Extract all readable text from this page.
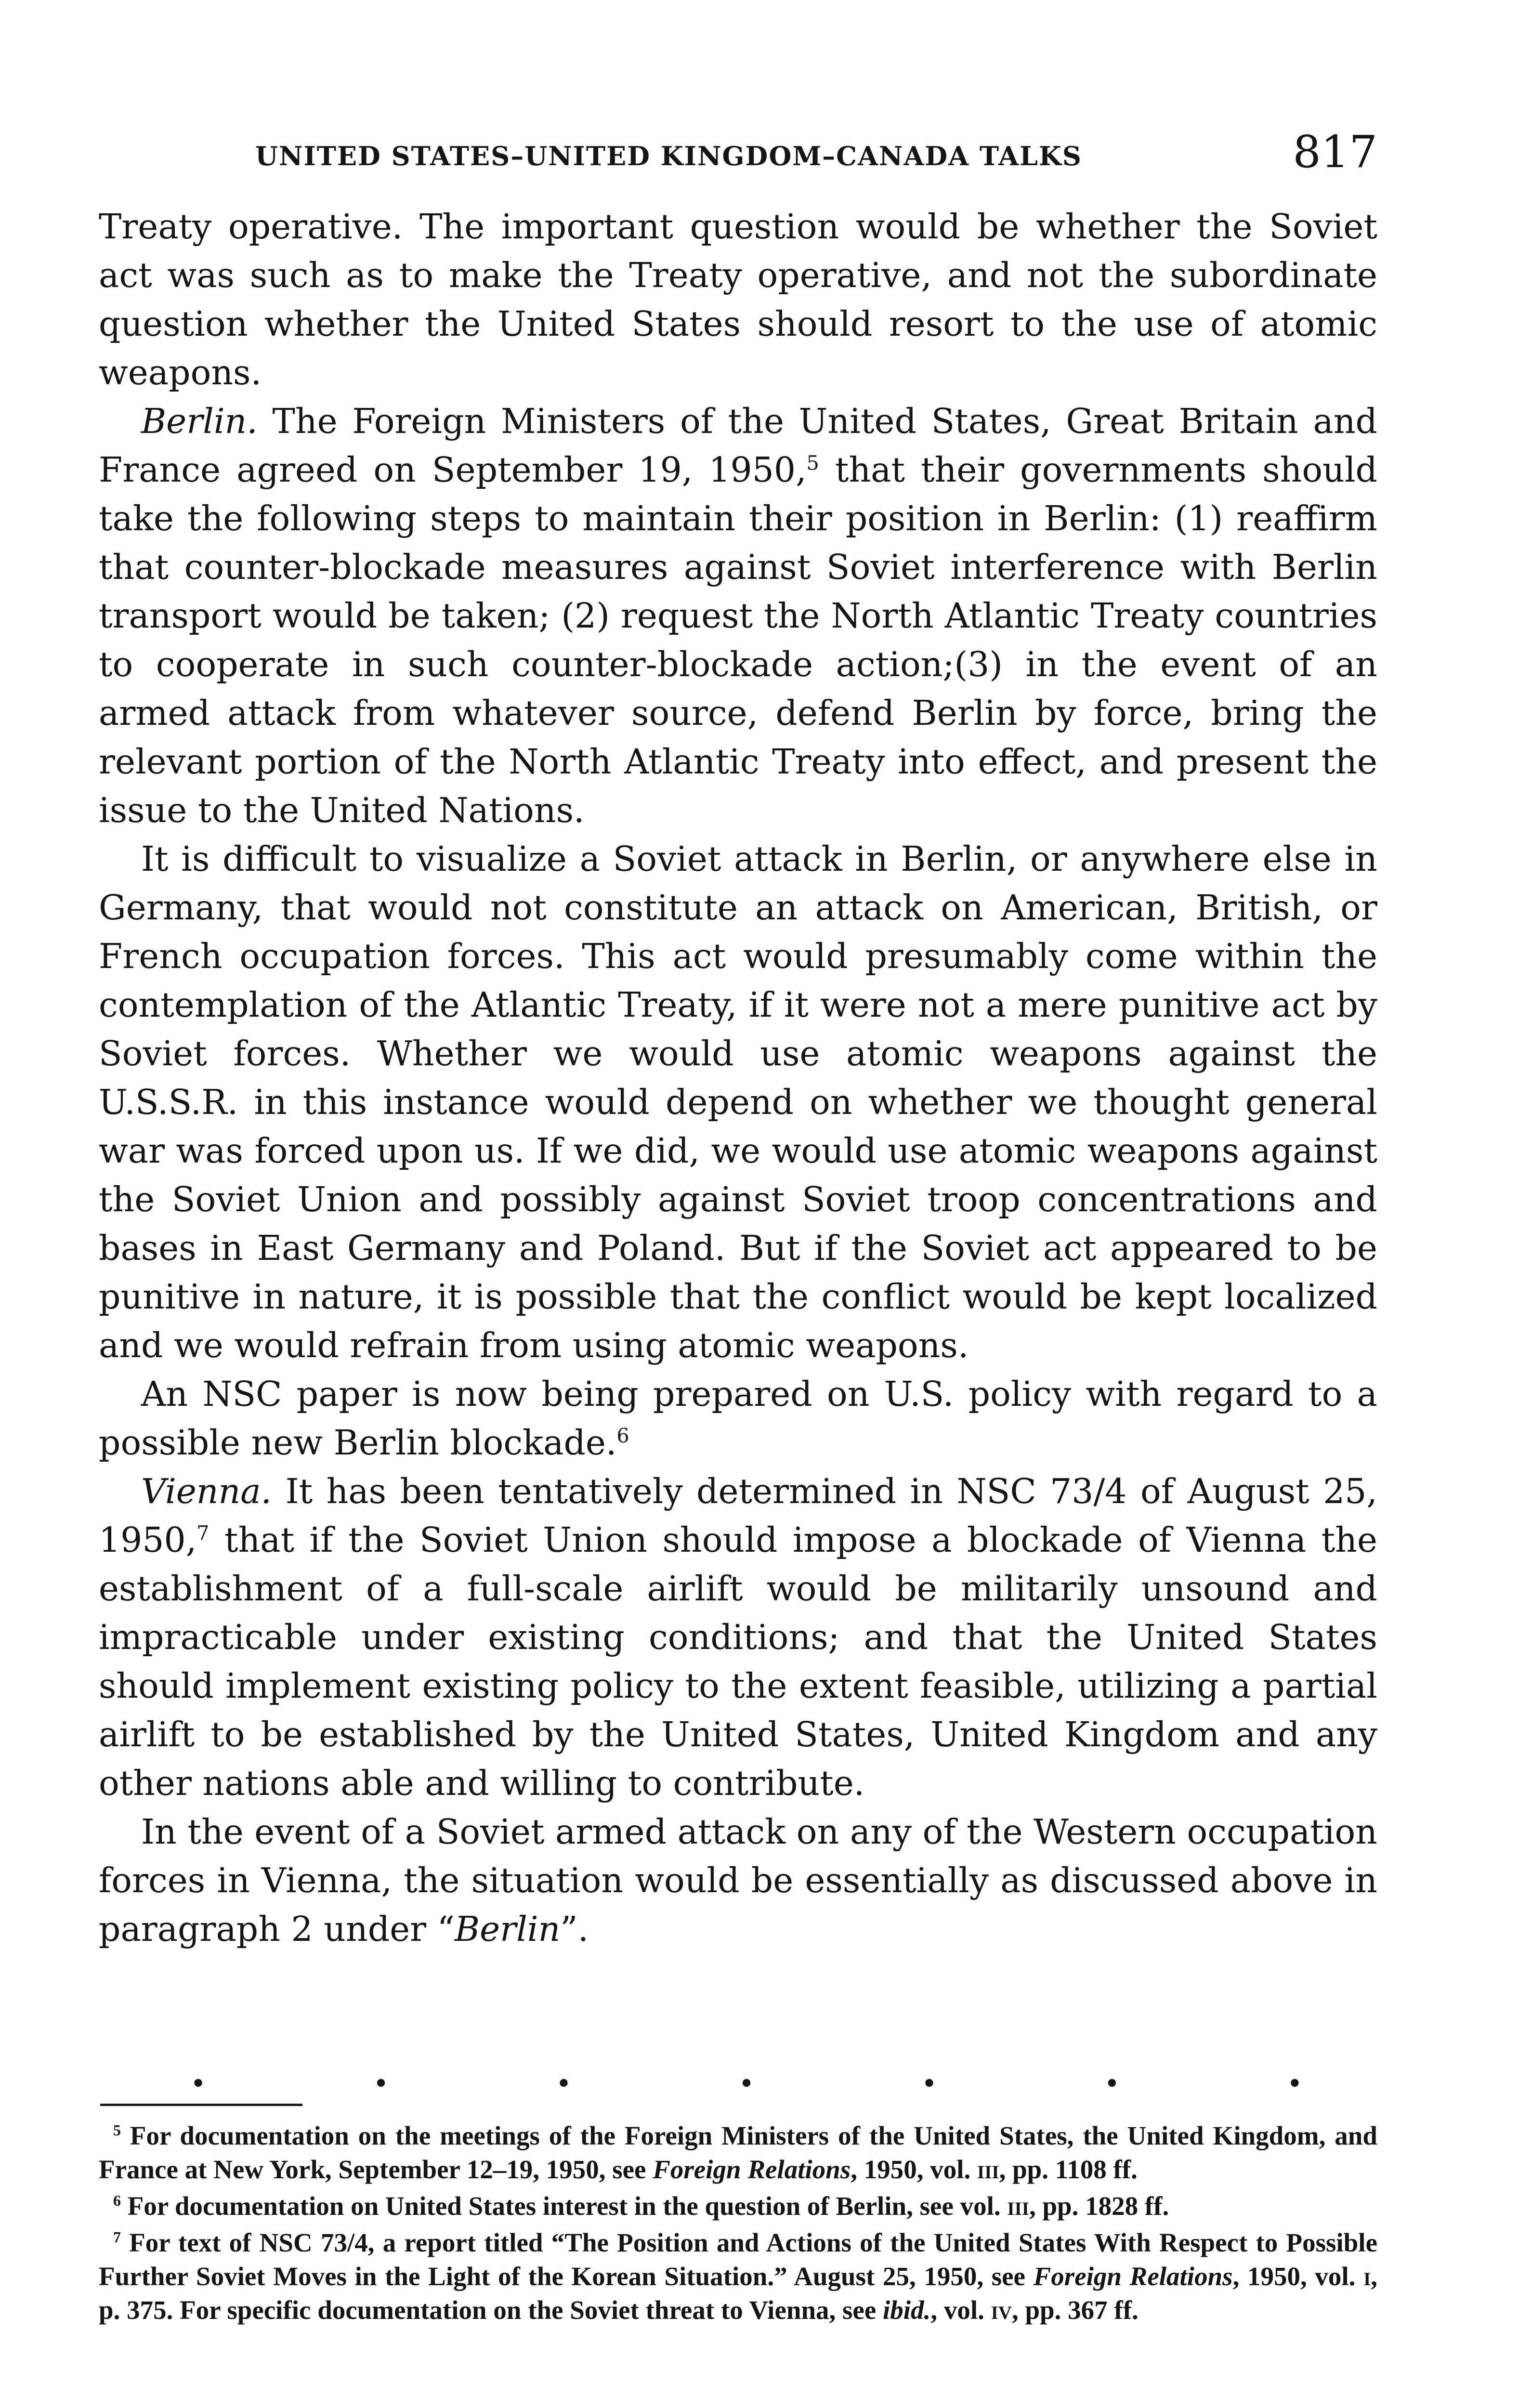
UNITED STATES–UNITED KINGDOM–CANADA TALKS	817

Treaty operative. The important question would be whether the Soviet act was such as to make the Treaty operative, and not the subordinate question whether the United States should resort to the use of atomic weapons.

Berlin. The Foreign Ministers of the United States, Great Britain and France agreed on September 19, 1950,$^5$ that their governments should take the following steps to maintain their position in Berlin: (1) reaffirm that counter-blockade measures against Soviet interference with Berlin transport would be taken; (2) request the North Atlantic Treaty countries to cooperate in such counter-blockade action;(3) in the event of an armed attack from whatever source, defend Berlin by force, bring the relevant portion of the North Atlantic Treaty into effect, and present the issue to the United Nations.

It is difficult to visualize a Soviet attack in Berlin, or anywhere else in Germany, that would not constitute an attack on American, British, or French occupation forces. This act would presumably come within the contemplation of the Atlantic Treaty, if it were not a mere punitive act by Soviet forces. Whether we would use atomic weapons against the U.S.S.R. in this instance would depend on whether we thought general war was forced upon us. If we did, we would use atomic weapons against the Soviet Union and possibly against Soviet troop concentrations and bases in East Germany and Poland. But if the Soviet act appeared to be punitive in nature, it is possible that the conflict would be kept localized and we would refrain from using atomic weapons.

An NSC paper is now being prepared on U.S. policy with regard to a possible new Berlin blockade.$^6$

Vienna. It has been tentatively determined in NSC 73/4 of August 25, 1950,$^7$ that if the Soviet Union should impose a blockade of Vienna the establishment of a full-scale airlift would be militarily unsound and impracticable under existing conditions; and that the United States should implement existing policy to the extent feasible, utilizing a partial airlift to be established by the United States, United Kingdom and any other nations able and willing to contribute.

In the event of a Soviet armed attack on any of the Western occupation forces in Vienna, the situation would be essentially as discussed above in paragraph 2 under “Berlin”.

•	•	•	•	•	•	•

$^5$ For documentation on the meetings of the Foreign Ministers of the United States, the United Kingdom, and France at New York, September 12–19, 1950, see Foreign Relations, 1950, vol. iii, pp. 1108 ff.

$^6$ For documentation on United States interest in the question of Berlin, see vol. iii, pp. 1828 ff.

$^7$ For text of NSC 73/4, a report titled “The Position and Actions of the United States With Respect to Possible Further Soviet Moves in the Light of the Korean Situation.” August 25, 1950, see Foreign Relations, 1950, vol. i, p. 375. For specific documentation on the Soviet threat to Vienna, see ibid., vol. iv, pp. 367 ff.
